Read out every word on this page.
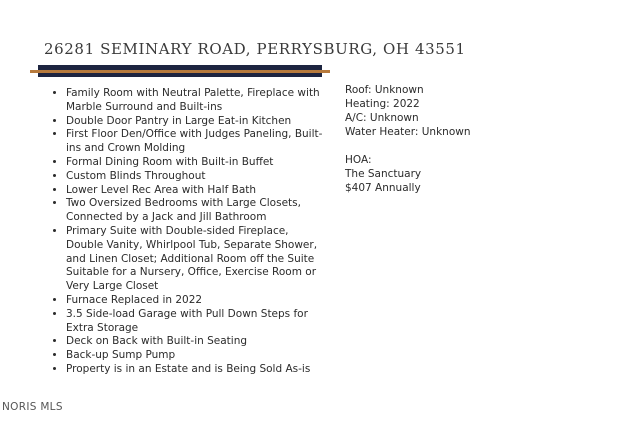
26281 SEMINARY ROAD, PERRYSBURG, OH 43551
• Family Room with Neutral Palette, Fireplace with Marble Surround and Built-ins
• Double Door Pantry in Large Eat-in Kitchen
• First Floor Den/Office with Judges Paneling, Built-ins and Crown Molding
• Formal Dining Room with Built-in Buffet
• Custom Blinds Throughout
• Lower Level Rec Area with Half Bath
• Two Oversized Bedrooms with Large Closets, Connected by a Jack and Jill Bathroom
• Primary Suite with Double-sided Fireplace, Double Vanity, Whirlpool Tub, Separate Shower, and Linen Closet; Additional Room off the Suite Suitable for a Nursery, Office, Exercise Room or Very Large Closet
• Furnace Replaced in 2022
• 3.5 Side-load Garage with Pull Down Steps for Extra Storage
• Deck on Back with Built-in Seating
• Back-up Sump Pump
• Property is in an Estate and is Being Sold As-is
Roof: Unknown
Heating: 2022
A/C: Unknown
Water Heater: Unknown
HOA:
The Sanctuary
$407 Annually
NORIS MLS
